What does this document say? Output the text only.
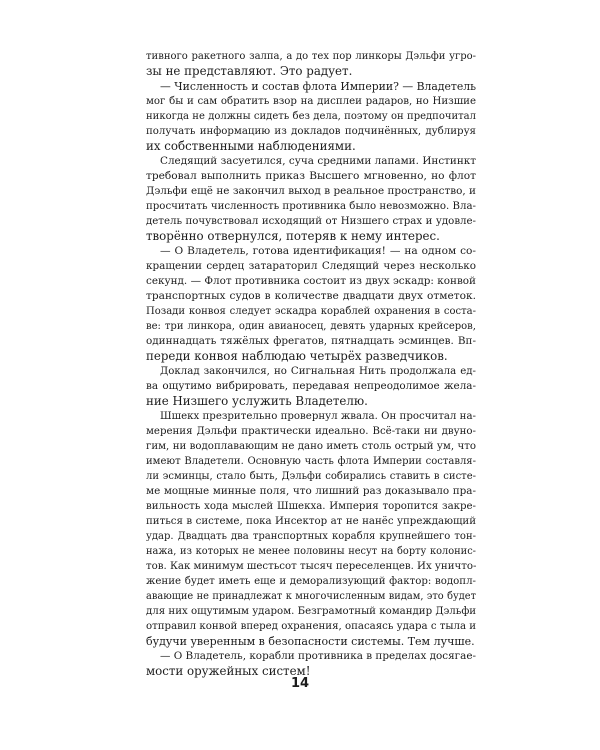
тивного ракетного залпа, а до тех пор линкоры Дэльфи угро-
зы не представляют. Это радует.
— Численность и состав флота Империи? — Владетель
мог бы и сам обратить взор на дисплеи радаров, но Низшие
никогда не должны сидеть без дела, поэтому он предпочитал
получать информацию из докладов подчинённых, дублируя
их собственными наблюдениями.
Следящий засуетился, суча средними лапами. Инстинкт
требовал выполнить приказ Высшего мгновенно, но флот
Дэльфи ещё не закончил выход в реальное пространство, и
просчитать численность противника было невозможно. Вла-
детель почувствовал исходящий от Низшего страх и удовле-
творённо отвернулся, потеряв к нему интерес.
— О Владетель, готова идентификация! — на одном со-
кращении сердец затараторил Следящий через несколько
секунд. — Флот противника состоит из двух эскадр: конвой
транспортных судов в количестве двадцати двух отметок.
Позади конвоя следует эскадра кораблей охранения в соста-
ве: три линкора, один авианосец, девять ударных крейсеров,
одиннадцать тяжёлых фрегатов, пятнадцать эсминцев. Вп-
переди конвоя наблюдаю четырёх разведчиков.
Доклад закончился, но Сигнальная Нить продолжала ед-
ва ощутимо вибрировать, передавая непреодолимое жела-
ние Низшего услужить Владетелю.
Шшекх презрительно провернул жвала. Он просчитал на-
мерения Дэльфи практически идеально. Всё-таки ни двуно-
гим, ни водоплавающим не дано иметь столь острый ум, что
имеют Владетели. Основную часть флота Империи составля-
ли эсминцы, стало быть, Дэльфи собирались ставить в систе-
ме мощные минные поля, что лишний раз доказывало пра-
вильность хода мыслей Шшекха. Империя торопится закре-
питься в системе, пока Инсектор ат не нанёс упреждающий
удар. Двадцать два транспортных корабля крупнейшего тон-
нажа, из которых не менее половины несут на борту колонис-
тов. Как минимум шестьсот тысяч переселенцев. Их уничто-
жение будет иметь еще и деморализующий фактор: водопл-
авающие не принадлежат к многочисленным видам, это будет
для них ощутимым ударом. Безграмотный командир Дэльфи
отправил конвой вперед охранения, опасаясь удара с тыла и
будучи уверенным в безопасности системы. Тем лучше.
— О Владетель, корабли противника в пределах досягае-
мости оружейных систем!
14
